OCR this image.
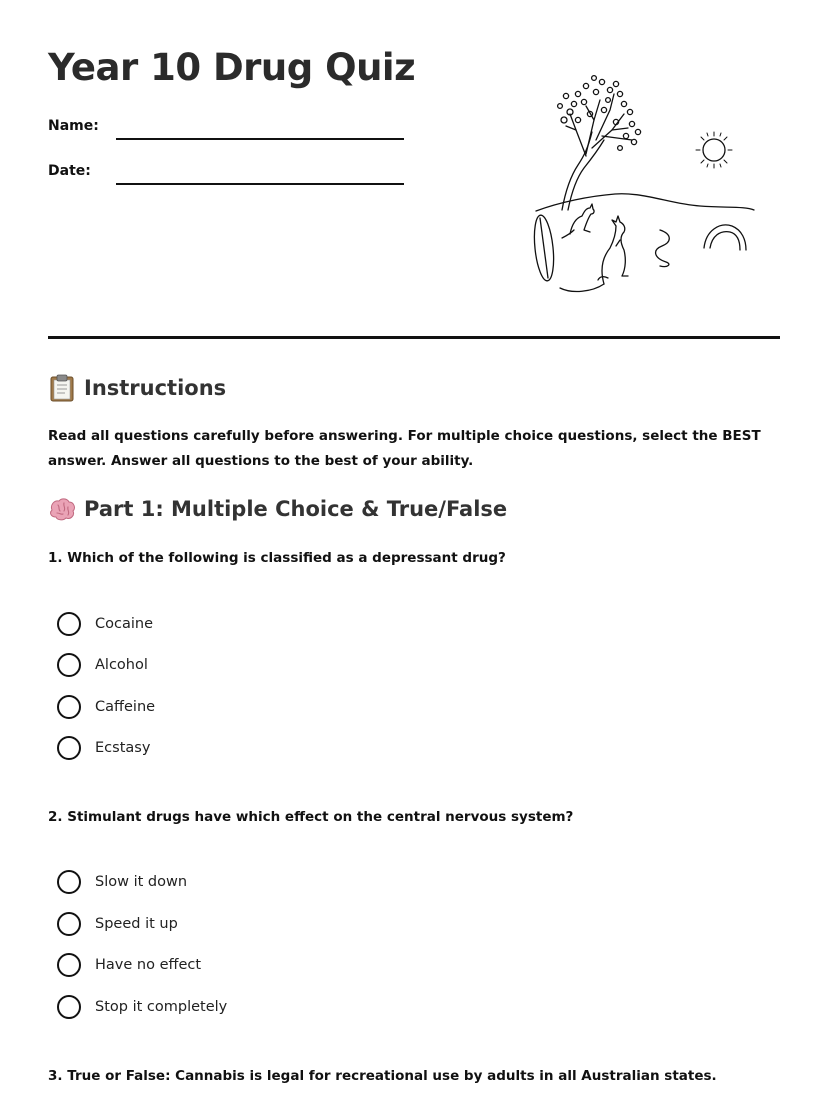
Year 10 Drug Quiz
Name:
Date:
Instructions

Read all questions carefully before answering. For multiple choice questions, select the BEST answer. Answer all questions to the best of your ability.

Part 1: Multiple Choice & True/False
1. Which of the following is classified as a depressant drug?
Cocaine
Alcohol
Caffeine
Ecstasy
2. Stimulant drugs have which effect on the central nervous system?
Slow it down
Speed it up
Have no effect
Stop it completely
3. True or False: Cannabis is legal for recreational use by adults in all Australian states.
